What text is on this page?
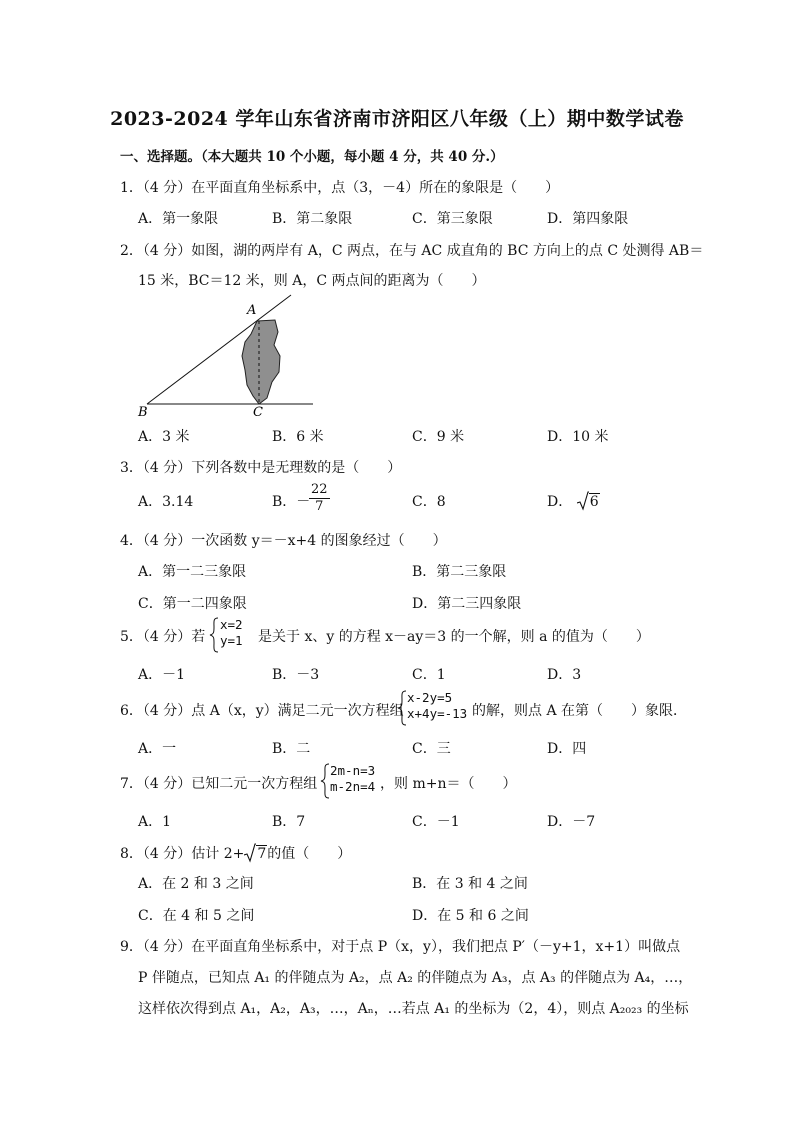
2023-2024 学年山东省济南市济阳区八年级（上）期中数学试卷
一、选择题。（本大题共 10 个小题，每小题 4 分，共 40 分.）
1．（4 分）在平面直角坐标系中，点（3，－4）所在的象限是（　　）
A．第一象限	B．第二象限	C．第三象限	D．第四象限
2．（4 分）如图，湖的两岸有 A，C 两点，在与 AC 成直角的 BC 方向上的点 C 处测得 AB＝
15 米，BC＝12 米，则 A，C 两点间的距离为（　　）
A
B	C
A．3 米	B．6 米	C．9 米	D．10 米
3．（4 分）下列各数中是无理数的是（　　）
A．3.14	B．－
$\frac{22}{7}$	C．8	D． 6
4．（4 分）一次函数 y＝－x+4 的图象经过（　　）
A．第一二三象限	B．第二三象限
C．第一二四象限	D．第二三四象限
5．（4 分）若
x=2
y=1 是关于 x、y 的方程 x－ay＝3 的一个解，则 a 的值为（　　）
A．－1	B．－3	C．1	D．3
6．（4 分）点 A（x，y）满足二元一次方程组
x-2y=5
x+4y=-13 的解，则点 A 在第（　　）象限．
A．一	B．二	C．三	D．四
7．（4 分）已知二元一次方程组
2m-n=3
m-2n=4 ，则 m+n＝（　　）
A．1	B．7	C．－1	D．－7
8．（4 分）估计 2+ 7的值（　　）
A．在 2 和 3 之间	B．在 3 和 4 之间
C．在 4 和 5 之间	D．在 5 和 6 之间
9．（4 分）在平面直角坐标系中，对于点 P（x，y），我们把点 P′（－y+1，x+1）叫做点
P 伴随点，已知点 A₁ 的伴随点为 A₂，点 A₂ 的伴随点为 A₃，点 A₃ 的伴随点为 A₄，…，
这样依次得到点 A₁，A₂，A₃，…，Aₙ，…若点 A₁ 的坐标为（2，4），则点 A₂₀₂₃ 的坐标
